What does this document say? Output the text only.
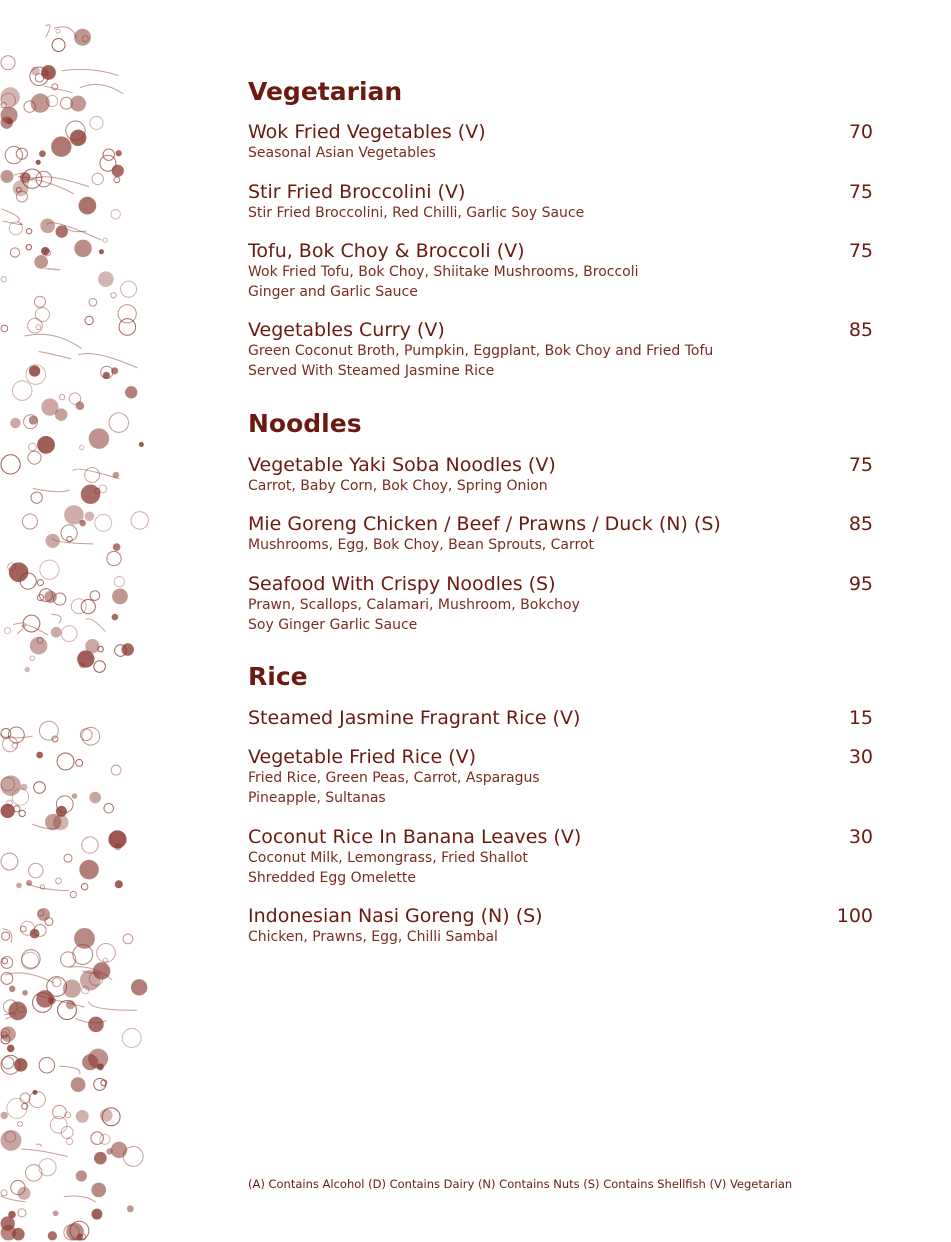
Vegetarian
Wok Fried Vegetables (V)	70
Seasonal Asian Vegetables
Stir Fried Broccolini (V)	75
Stir Fried Broccolini, Red Chilli, Garlic Soy Sauce
Tofu, Bok Choy & Broccoli (V)	75
Wok Fried Tofu, Bok Choy, Shiitake Mushrooms, Broccoli
Ginger and Garlic Sauce
Vegetables Curry (V)	85
Green Coconut Broth, Pumpkin, Eggplant, Bok Choy and Fried Tofu
Served With Steamed Jasmine Rice
Noodles
Vegetable Yaki Soba Noodles (V)	75
Carrot, Baby Corn, Bok Choy, Spring Onion
Mie Goreng Chicken / Beef / Prawns / Duck (N) (S)	85
Mushrooms, Egg, Bok Choy, Bean Sprouts, Carrot
Seafood With Crispy Noodles (S)	95
Prawn, Scallops, Calamari, Mushroom, Bokchoy
Soy Ginger Garlic Sauce
Rice
Steamed Jasmine Fragrant Rice (V)	15
Vegetable Fried Rice (V)	30
Fried Rice, Green Peas, Carrot, Asparagus
Pineapple, Sultanas
Coconut Rice In Banana Leaves (V)	30
Coconut Milk, Lemongrass, Fried Shallot
Shredded Egg Omelette
Indonesian Nasi Goreng (N) (S)	100
Chicken, Prawns, Egg, Chilli Sambal
(A) Contains Alcohol (D) Contains Dairy (N) Contains Nuts (S) Contains Shellfish (V) Vegetarian
